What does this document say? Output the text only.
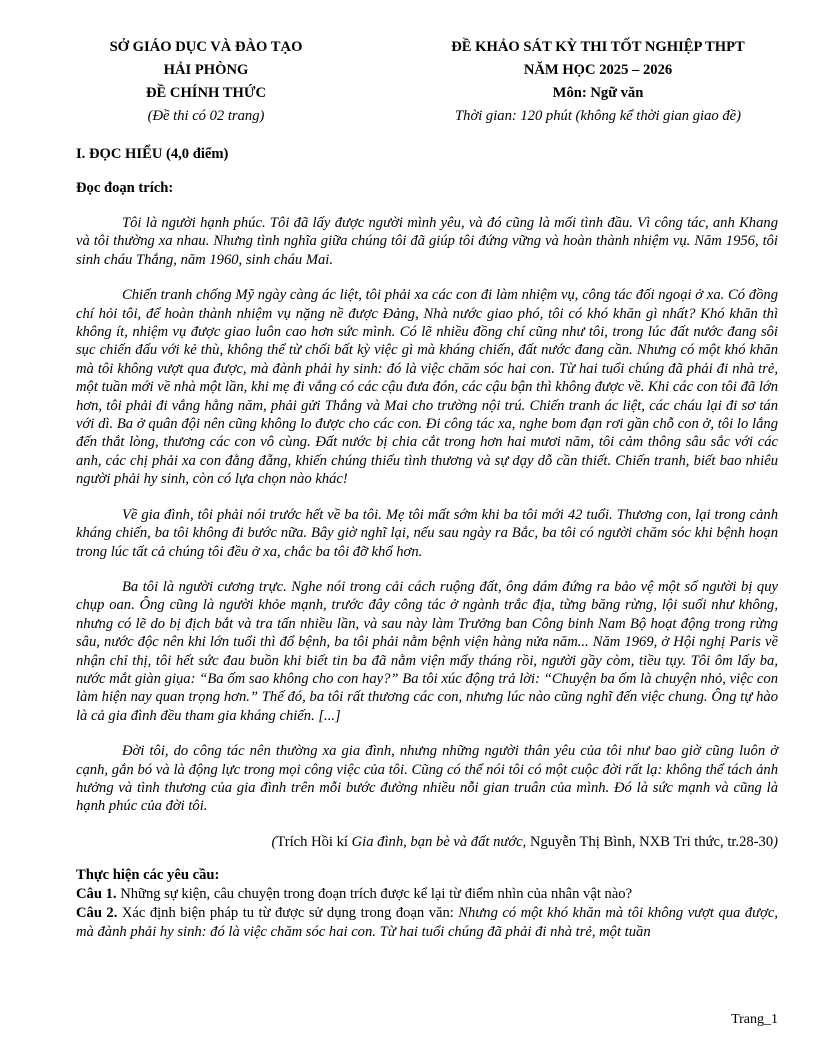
SỞ GIÁO DỤC VÀ ĐÀO TẠO
HẢI PHÒNG
ĐỀ CHÍNH THỨC
(Đề thi có 02 trang)
ĐỀ KHẢO SÁT KỲ THI TỐT NGHIỆP THPT
NĂM HỌC 2025 – 2026
Môn: Ngữ văn
Thời gian: 120 phút (không kể thời gian giao đề)
I. ĐỌC HIỂU (4,0 điểm)
Đọc đoạn trích:
Tôi là người hạnh phúc. Tôi đã lấy được người mình yêu, và đó cũng là mối tình đầu. Vì công tác, anh Khang và tôi thường xa nhau. Nhưng tình nghĩa giữa chúng tôi đã giúp tôi đứng vững và hoàn thành nhiệm vụ. Năm 1956, tôi sinh cháu Thắng, năm 1960, sinh cháu Mai.
Chiến tranh chống Mỹ ngày càng ác liệt, tôi phải xa các con đi làm nhiệm vụ, công tác đối ngoại ở xa. Có đồng chí hỏi tôi, để hoàn thành nhiệm vụ nặng nề được Đảng, Nhà nước giao phó, tôi có khó khăn gì nhất? Khó khăn thì không ít, nhiệm vụ được giao luôn cao hơn sức mình. Có lẽ nhiều đồng chí cũng như tôi, trong lúc đất nước đang sôi sục chiến đấu với kẻ thù, không thể từ chối bất kỳ việc gì mà kháng chiến, đất nước đang cần. Nhưng có một khó khăn mà tôi không vượt qua được, mà đành phải hy sinh: đó là việc chăm sóc hai con. Từ hai tuổi chúng đã phải đi nhà trẻ, một tuần mới về nhà một lần, khi mẹ đi vắng có các cậu đưa đón, các cậu bận thì không được về. Khi các con tôi đã lớn hơn, tôi phải đi vắng hằng năm, phải gửi Thắng và Mai cho trường nội trú. Chiến tranh ác liệt, các cháu lại đi sơ tán với dì. Ba ở quân đội nên cũng không lo được cho các con. Đi công tác xa, nghe bom đạn rơi gần chỗ con ở, tôi lo lắng đến thắt lòng, thương các con vô cùng. Đất nước bị chia cắt trong hơn hai mươi năm, tôi cảm thông sâu sắc với các anh, các chị phải xa con đằng đẵng, khiến chúng thiếu tình thương và sự dạy dỗ cần thiết. Chiến tranh, biết bao nhiêu người phải hy sinh, còn có lựa chọn nào khác!
Về gia đình, tôi phải nói trước hết về ba tôi. Mẹ tôi mất sớm khi ba tôi mới 42 tuổi. Thương con, lại trong cảnh kháng chiến, ba tôi không đi bước nữa. Bây giờ nghĩ lại, nếu sau ngày ra Bắc, ba tôi có người chăm sóc khi bệnh hoạn trong lúc tất cả chúng tôi đều ở xa, chắc ba tôi đỡ khổ hơn.
Ba tôi là người cương trực. Nghe nói trong cải cách ruộng đất, ông dám đứng ra bảo vệ một số người bị quy chụp oan. Ông cũng là người khỏe mạnh, trước đây công tác ở ngành trắc địa, từng băng rừng, lội suối như không, nhưng có lẽ do bị địch bắt và tra tấn nhiều lần, và sau này làm Trưởng ban Công binh Nam Bộ hoạt động trong rừng sâu, nước độc nên khi lớn tuổi thì đổ bệnh, ba tôi phải nằm bệnh viện hàng nửa năm... Năm 1969, ở Hội nghị Paris về nhận chỉ thị, tôi hết sức đau buồn khi biết tin ba đã nằm viện mấy tháng rồi, người gầy còm, tiều tụy. Tôi ôm lấy ba, nước mắt giàn giụa: “Ba ốm sao không cho con hay?” Ba tôi xúc động trả lời: “Chuyện ba ốm là chuyện nhỏ, việc con làm hiện nay quan trọng hơn.” Thế đó, ba tôi rất thương các con, nhưng lúc nào cũng nghĩ đến việc chung. Ông tự hào là cả gia đình đều tham gia kháng chiến. [...]
Đời tôi, do công tác nên thường xa gia đình, nhưng những người thân yêu của tôi như bao giờ cũng luôn ở cạnh, gắn bó và là động lực trong mọi công việc của tôi. Cũng có thể nói tôi có một cuộc đời rất lạ: không thể tách ảnh hưởng và tình thương của gia đình trên mỗi bước đường nhiều nỗi gian truân của mình. Đó là sức mạnh và cũng là hạnh phúc của đời tôi.
(Trích Hồi kí Gia đình, bạn bè và đất nước, Nguyễn Thị Bình, NXB Tri thức, tr.28-30)
Thực hiện các yêu cầu:
Câu 1. Những sự kiện, câu chuyện trong đoạn trích được kể lại từ điểm nhìn của nhân vật nào?
Câu 2. Xác định biện pháp tu từ được sử dụng trong đoạn văn: Nhưng có một khó khăn mà tôi không vượt qua được, mà đành phải hy sinh: đó là việc chăm sóc hai con. Từ hai tuổi chúng đã phải đi nhà trẻ, một tuần
Trang_1
